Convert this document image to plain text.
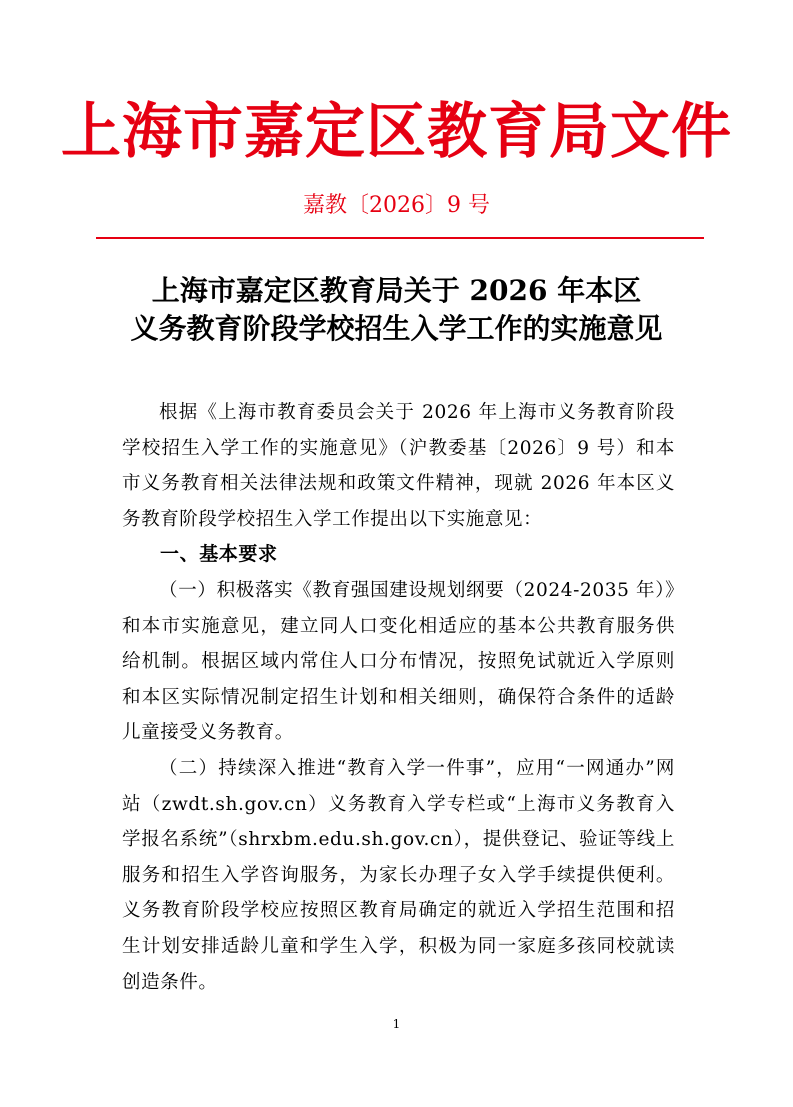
上海市嘉定区教育局文件
嘉教〔2026〕9 号
上海市嘉定区教育局关于 2026 年本区
义务教育阶段学校招生入学工作的实施意见

根据《上海市教育委员会关于 2026 年上海市义务教育阶段学校招生入学工作的实施意见》（沪教委基〔2026〕9 号）和本市义务教育相关法律法规和政策文件精神，现就 2026 年本区义务教育阶段学校招生入学工作提出以下实施意见：

一、基本要求

（一）积极落实《教育强国建设规划纲要（2024-2035 年）》和本市实施意见，建立同人口变化相适应的基本公共教育服务供给机制。根据区域内常住人口分布情况，按照免试就近入学原则和本区实际情况制定招生计划和相关细则，确保符合条件的适龄儿童接受义务教育。

（二）持续深入推进“教育入学一件事”，应用“一网通办”网站（zwdt.sh.gov.cn）义务教育入学专栏或“上海市义务教育入学报名系统”（shrxbm.edu.sh.gov.cn），提供登记、验证等线上服务和招生入学咨询服务，为家长办理子女入学手续提供便利。义务教育阶段学校应按照区教育局确定的就近入学招生范围和招生计划安排适龄儿童和学生入学，积极为同一家庭多孩同校就读创造条件。

1
